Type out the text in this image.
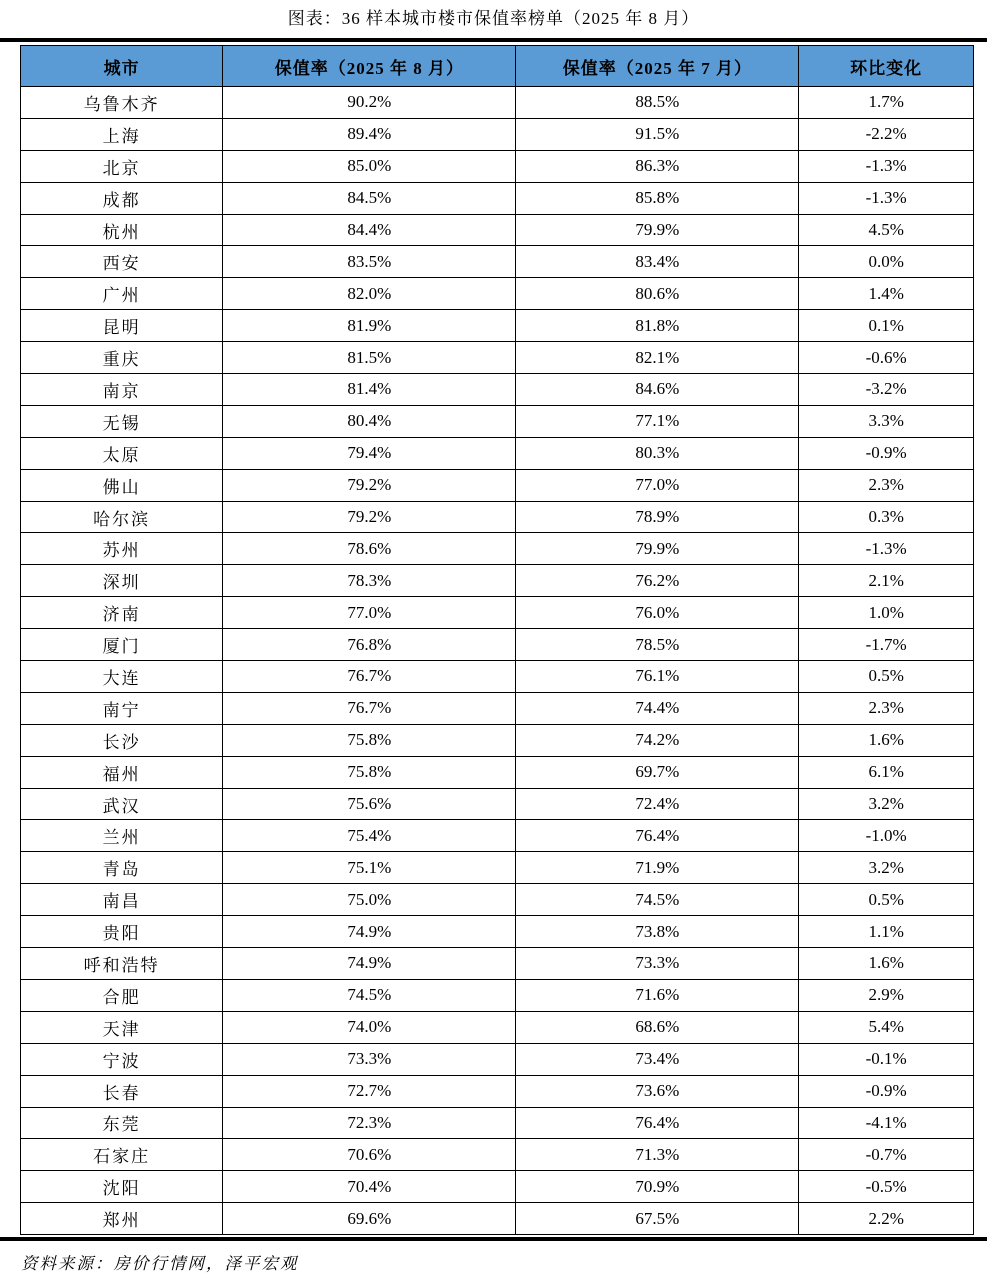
图表：36 样本城市楼市保值率榜单（2025 年 8 月）
城市	保值率（2025 年 8 月）	保值率（2025 年 7 月）	环比变化
乌鲁木齐	90.2%	88.5%	1.7%
上海	89.4%	91.5%	-2.2%
北京	85.0%	86.3%	-1.3%
成都	84.5%	85.8%	-1.3%
杭州	84.4%	79.9%	4.5%
西安	83.5%	83.4%	0.0%
广州	82.0%	80.6%	1.4%
昆明	81.9%	81.8%	0.1%
重庆	81.5%	82.1%	-0.6%
南京	81.4%	84.6%	-3.2%
无锡	80.4%	77.1%	3.3%
太原	79.4%	80.3%	-0.9%
佛山	79.2%	77.0%	2.3%
哈尔滨	79.2%	78.9%	0.3%
苏州	78.6%	79.9%	-1.3%
深圳	78.3%	76.2%	2.1%
济南	77.0%	76.0%	1.0%
厦门	76.8%	78.5%	-1.7%
大连	76.7%	76.1%	0.5%
南宁	76.7%	74.4%	2.3%
长沙	75.8%	74.2%	1.6%
福州	75.8%	69.7%	6.1%
武汉	75.6%	72.4%	3.2%
兰州	75.4%	76.4%	-1.0%
青岛	75.1%	71.9%	3.2%
南昌	75.0%	74.5%	0.5%
贵阳	74.9%	73.8%	1.1%
呼和浩特	74.9%	73.3%	1.6%
合肥	74.5%	71.6%	2.9%
天津	74.0%	68.6%	5.4%
宁波	73.3%	73.4%	-0.1%
长春	72.7%	73.6%	-0.9%
东莞	72.3%	76.4%	-4.1%
石家庄	70.6%	71.3%	-0.7%
沈阳	70.4%	70.9%	-0.5%
郑州	69.6%	67.5%	2.2%
资料来源：房价行情网，泽平宏观
